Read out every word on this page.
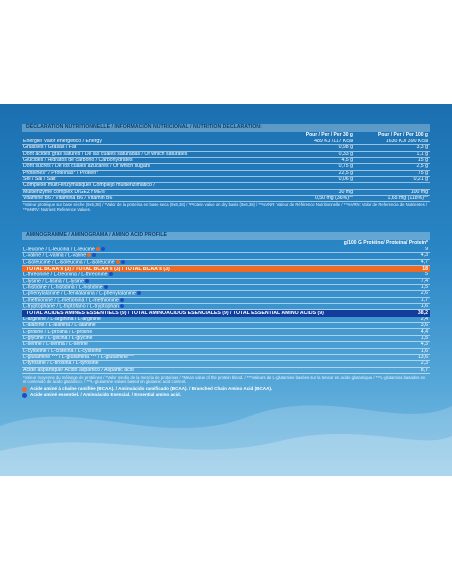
DÉCLARATION NUTRITIONNELLE / INFORMACIÓN NUTRICIONAL / NUTRITION DECLARATION:
Pour / Per / Per 30 g	Pour / Per / Per 100 g
Énergie/ Valor energético / Energy	489 KJ /117 Kcal	1630 KJ/ 390 Kcal
Graisses / Grasas / Fat	0,98 g	3,3 g
Dont acides gras saturés / De las cuales saturadas / Of which saturates	0,33 g	1,1 g
Glucides / Hidratos de carbono / Carbohydrates	4,5 g	15 g
Dont sucres / De los cuales azúcares / Of which sugars	0,75 g	2,5 g
Protéines* / Proteínas* / Protein*	22,5 g	75 g
Sel / Sal / Salt	0,06 g	0,21 g
Complexe multi-enzymatique/ Complejo multienzimático /
Multienzyme complex DIGEZYME®	30 mg	100 mg
Vitamine B6 / Vitamina B6 / Vitamin B6	0,50 mg (36%)**	1,65 mg (118%)**
*Valeur protéique sur base sèche (9x6,38) / *Valor de la proteína en base seca (9x6,38) / *Protein value on dry basis (9x6,38) / **%VNR: Valeur de Référence Nutritionnelle / **%VRN: Valor de Referencia de Nutrientes / **%NRV: Nutrient Reference Values.
AMINOGRAMME / AMINOGRAMA / AMINO ACID PROFILE
g/100 G Protéine/ Proteína/ Protein*
L-leucine / L-leucina / L-leucine	9
L-valine / L-valina / L-valine	4,3
L-isoleucine / L-isoleucina / L-isoleucine	4,7
TOTAL BCAA's (3) / TOTAL BCAA's (3) / TOTAL BCAA's (3)	18
L-thréonine / L-treonina / L-threonine	5
L-lysine / L-lisina / L-lysine	7,4
L-histidine / L-histidina / L-histidine	1,5
L-phénylalanine / L-fenilalanina / L-phenylalanine	2,6
L-méthionine / L-metionina / L-methionine	1,7
L-tryptophane / L-triptófano / L-tryptophan	1,6
TOTAL ACIDES AMINÉS ESSENTIELS (9) / TOTAL AMINOÁCIDOS ESENCIALES (9) / TOTAL ESSENTIAL AMINO ACIDS (9)	38,2
L-arginine / L-arginina / L-arginine	2,4
L-alanine / L-alanina / L-alanine	3,6
L-proline / L-prolina / L-proline	4,4
L-glycine / L-glicina / L-glycine	1,5
L-sérine / L-serina / L-serine	4,3
L-cystéine / L-cisteína / L-cysteine	1,6
L-glutamine *** / L-glutamina *** / L-glutamine***	13,6
L-tyrosine / L-tirosina / L-tyrosine	2,3
Acide aspartique/ Ácido aspártico / Aspartic acid	8,7
*Valeur moyenne du mélange de protéines / *Valor medio de la mezcla de proteínas / *Mean value of the protein blend. / ***Valeurs de L-glutamine basées sur la teneur en acide glutamique / ***L-glutamina basados en el contenido de ácido glutámico. / ***L-glutamine values based on glutamic acid content.
Acide aminé à chaîne ramifiée (BCAA). / Aminoácido ramificado (BCAA). / Branched Chain Amino Acid (BCAA).
Acide aminé essentiel. / Aminoácido Esencial. / Essential amino acid.
